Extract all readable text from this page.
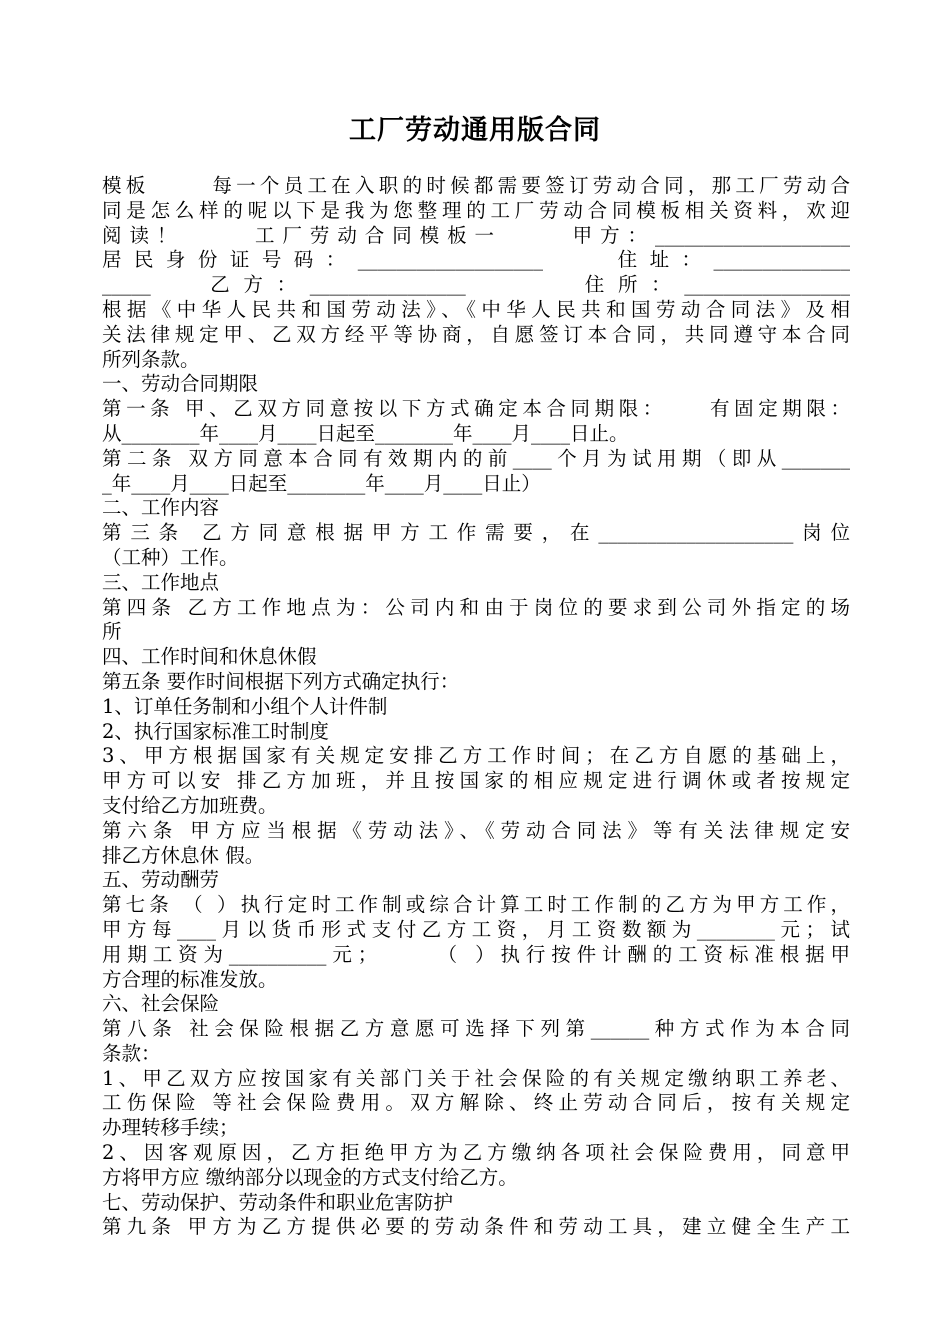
工厂劳动通用版合同
模板      每一个员工在入职的时候都需要签订劳动合同，那工厂劳动合
同是怎么样的呢以下是我为您整理的工厂劳动合同模板相关资料，欢迎
阅读！     工厂劳动合同模板一     甲方：____________________
居民身份证号码：___________________    住址：______________
_____   乙方：________________      住所：_________________
根据《中华人民共和国劳动法》、《中华人民共和国劳动合同法》及相
关法律规定甲、乙双方经平等协商，自愿签订本合同，共同遵守本合同
所列条款。
一、劳动合同期限
第一条 甲、乙双方同意按以下方式确定本合同期限：    有固定期限：
从________年____月____日起至________年____月____日止。
第二条 双方同意本合同有效期内的前____个月为试用期（即从_______
_年____月____日起至________年____月____日止）
二、工作内容
第三条 乙方同意根据甲方工作需要，在____________________岗位
（工种）工作。
三、工作地点
第四条 乙方工作地点为：公司内和由于岗位的要求到公司外指定的场
所
四、工作时间和休息休假
第五条 要作时间根据下列方式确定执行：
1、订单任务制和小组个人计件制
2、执行国家标准工时制度
3、甲方根据国家有关规定安排乙方工作时间；在乙方自愿的基础上，
甲方可以安 排乙方加班，并且按国家的相应规定进行调休或者按规定
支付给乙方加班费。
第六条 甲方应当根据《劳动法》、《劳动合同法》等有关法律规定安
排乙方休息休 假。
五、劳动酬劳
第七条 （ ）执行定时工作制或综合计算工时工作制的乙方为甲方工作，
甲方每____月以货币形式支付乙方工资，月工资数额为________元；试
用期工资为__________元；     （ ）执行按件计酬的工资标准根据甲
方合理的标准发放。
六、社会保险
第八条 社会保险根据乙方意愿可选择下列第______种方式作为本合同
条款：
1、甲乙双方应按国家有关部门关于社会保险的有关规定缴纳职工养老、
工伤保险 等社会保险费用。双方解除、终止劳动合同后，按有关规定
办理转移手续；
2、因客观原因，乙方拒绝甲方为乙方缴纳各项社会保险费用，同意甲
方将甲方应 缴纳部分以现金的方式支付给乙方。
七、劳动保护、劳动条件和职业危害防护
第九条 甲方为乙方提供必要的劳动条件和劳动工具，建立健全生产工
